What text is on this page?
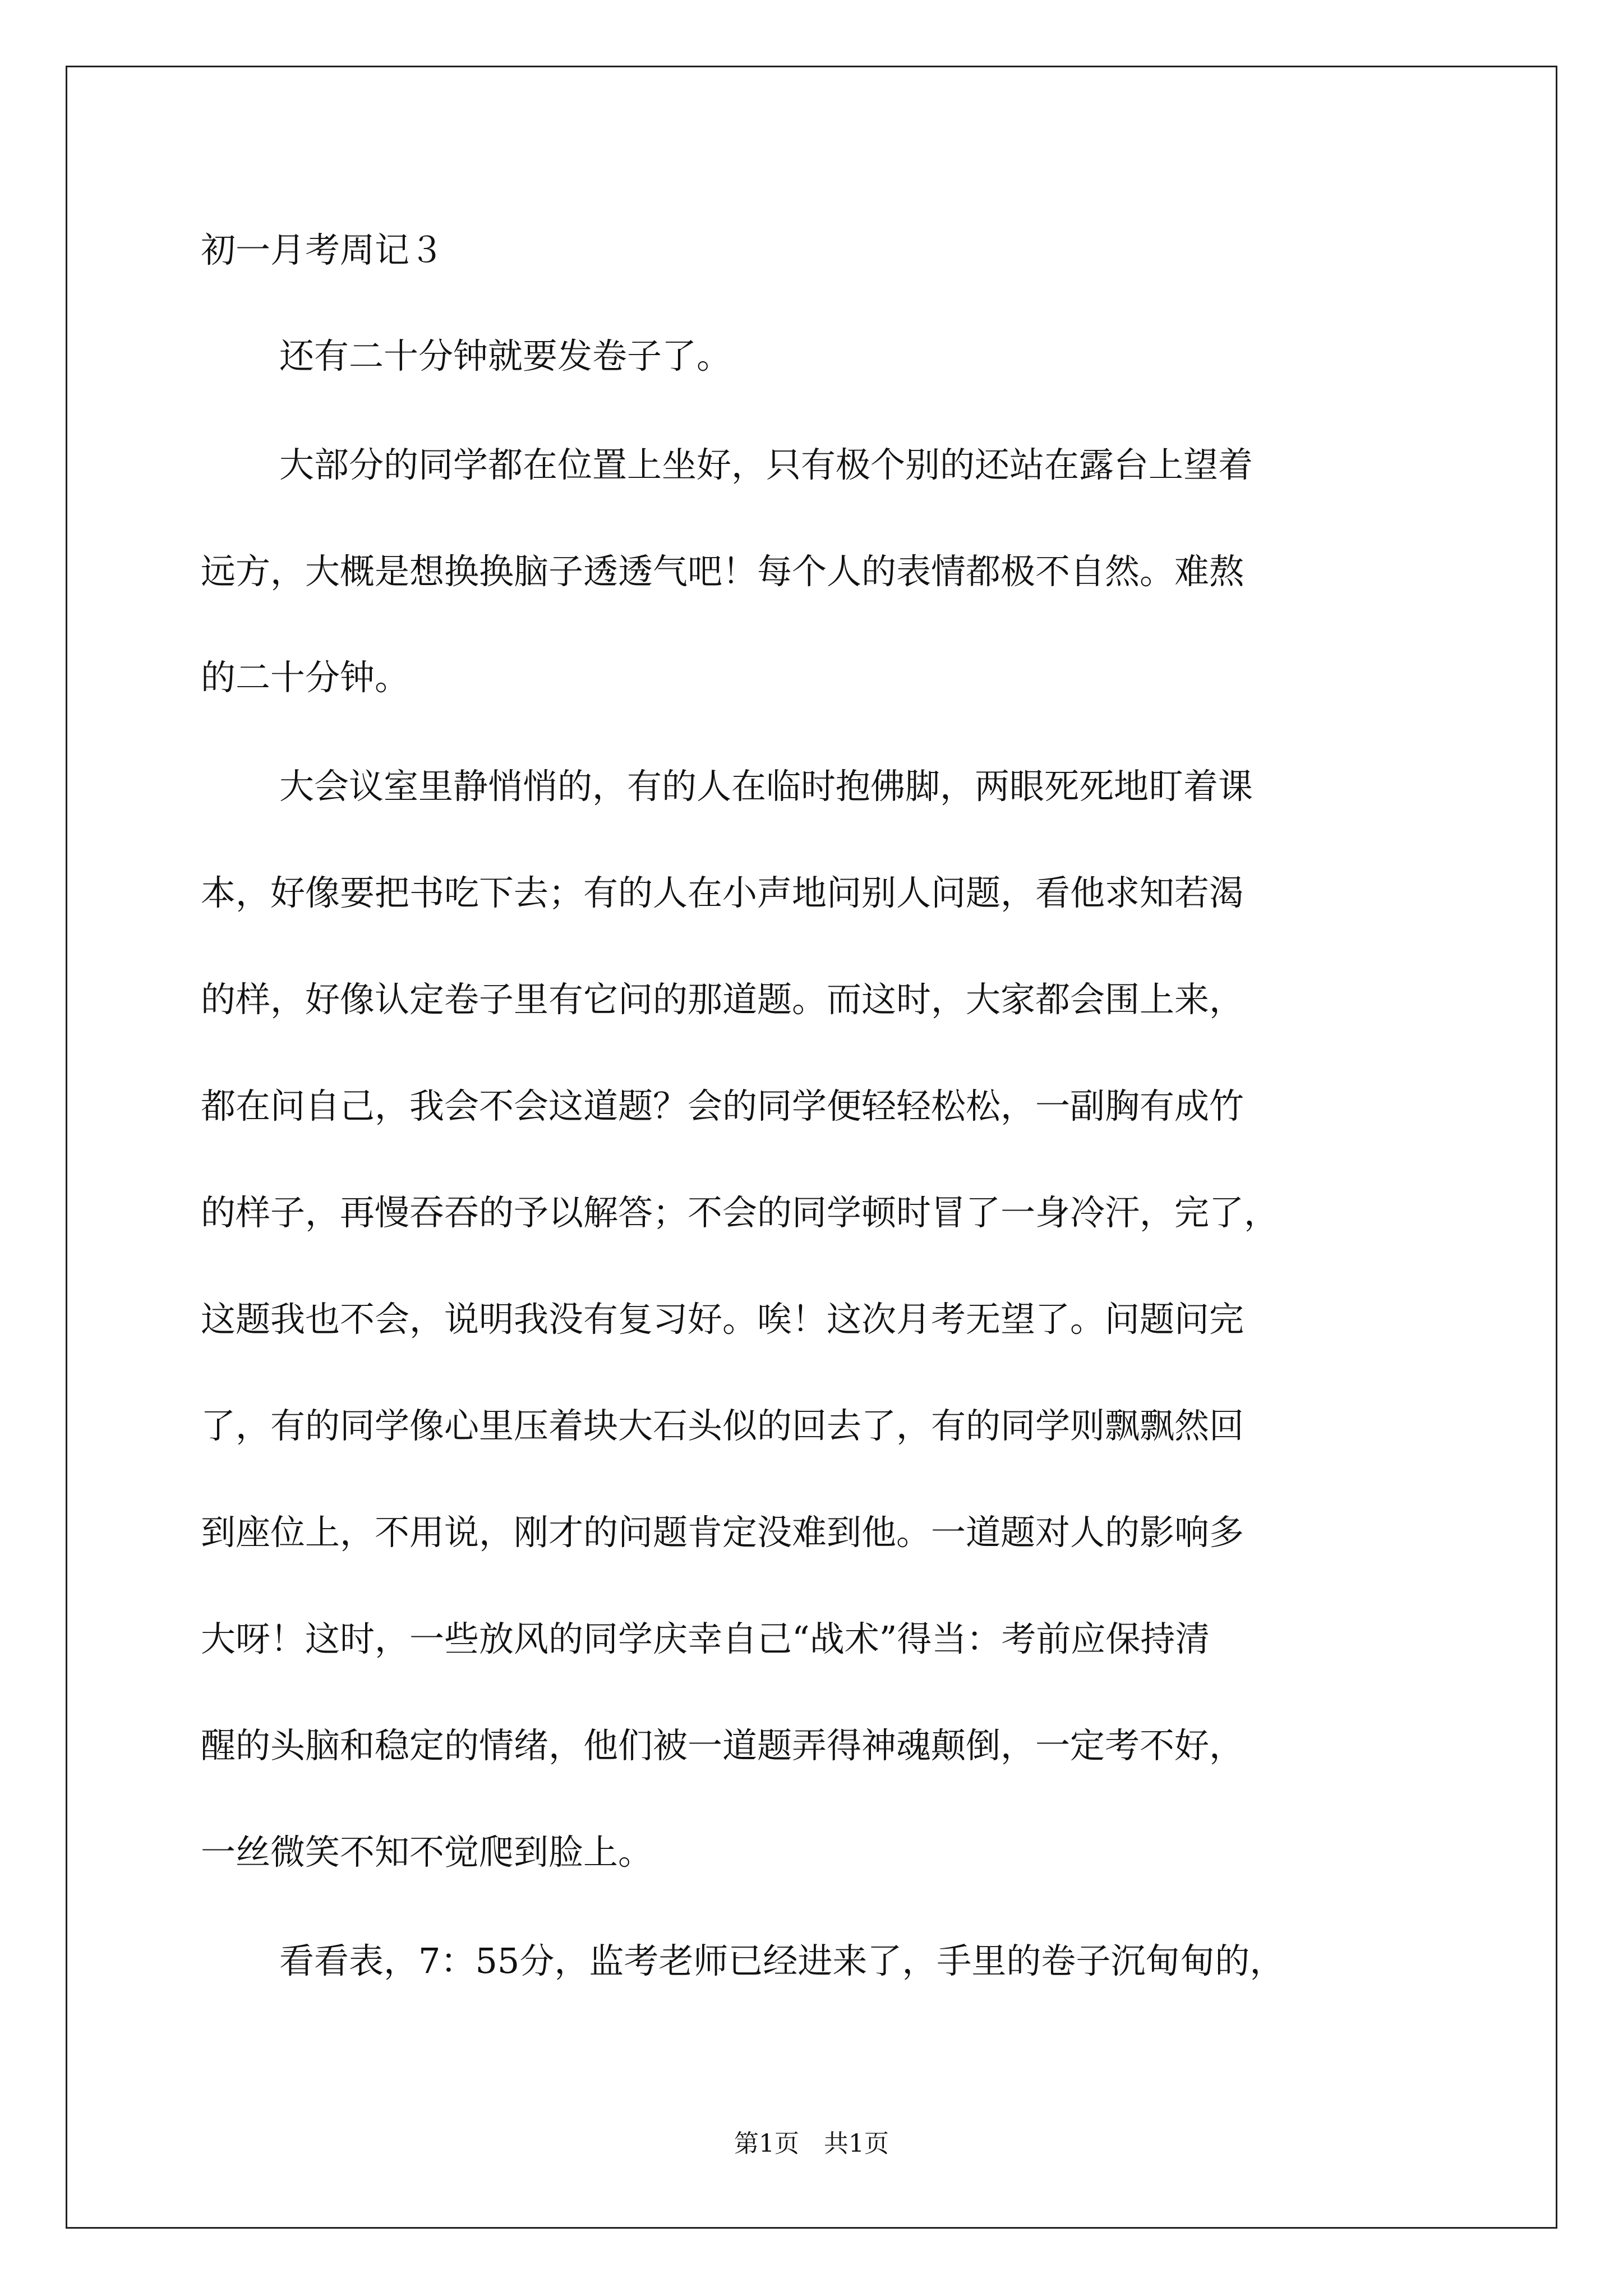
初一月考周记３
还有二十分钟就要发卷子了。
大部分的同学都在位置上坐好，只有极个别的还站在露台上望着
远方，大概是想换换脑子透透气吧！每个人的表情都极不自然。难熬
的二十分钟。
大会议室里静悄悄的，有的人在临时抱佛脚，两眼死死地盯着课
本，好像要把书吃下去；有的人在小声地问别人问题，看他求知若渴
的样，好像认定卷子里有它问的那道题。而这时，大家都会围上来，
都在问自己，我会不会这道题？会的同学便轻轻松松，一副胸有成竹
的样子，再慢吞吞的予以解答；不会的同学顿时冒了一身冷汗，完了，
这题我也不会，说明我没有复习好。唉！这次月考无望了。问题问完
了，有的同学像心里压着块大石头似的回去了，有的同学则飘飘然回
到座位上，不用说，刚才的问题肯定没难到他。一道题对人的影响多
大呀！这时，一些放风的同学庆幸自己“战术”得当：考前应保持清
醒的头脑和稳定的情绪，他们被一道题弄得神魂颠倒，一定考不好，
一丝微笑不知不觉爬到脸上。
看看表，7：55分，监考老师已经进来了，手里的卷子沉甸甸的，
第1页 共1页
